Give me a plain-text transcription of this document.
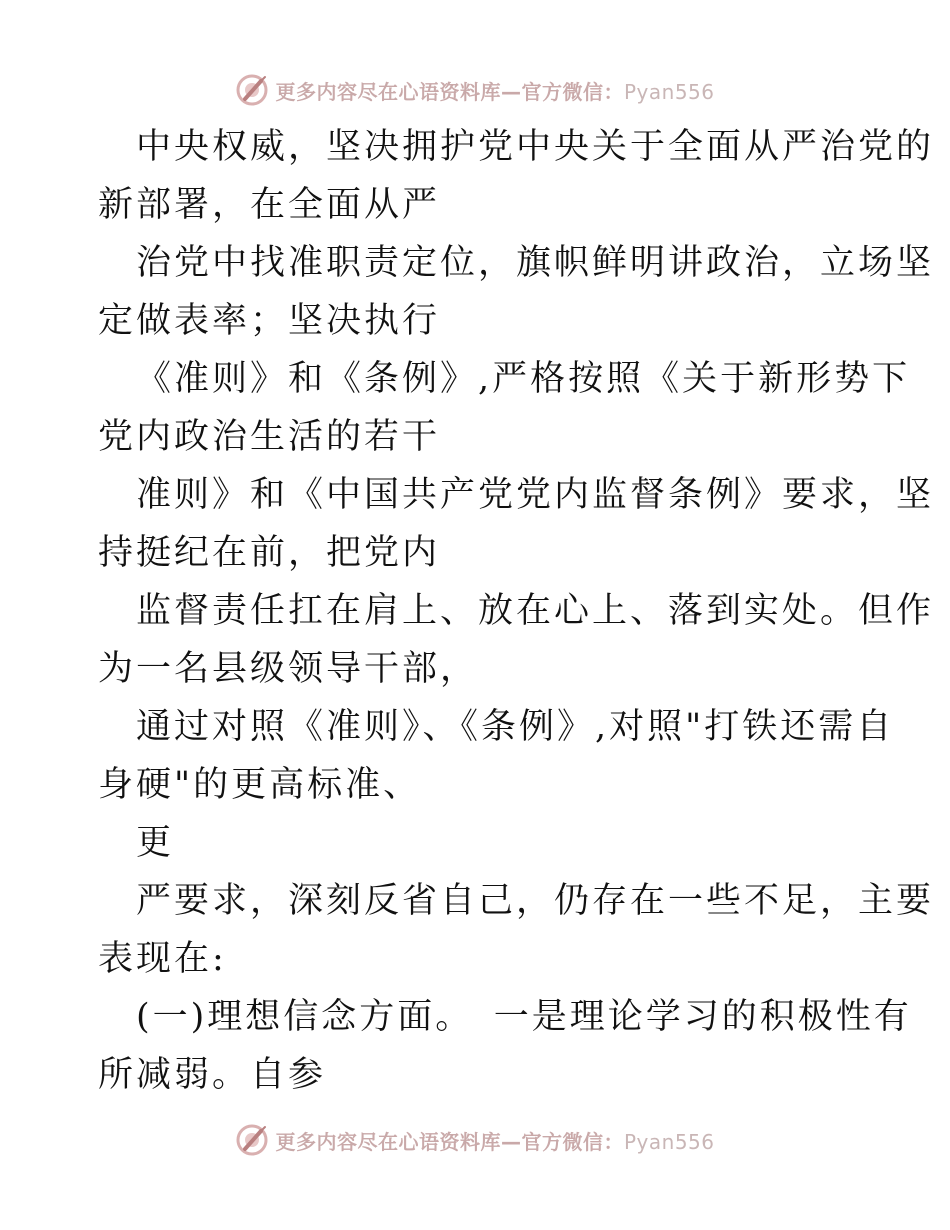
更多内容尽在心语资料库—官方微信：Pyan556
中央权威，坚决拥护党中央关于全面从严治党的
新部署，在全面从严
治党中找准职责定位，旗帜鲜明讲政治，立场坚
定做表率；坚决执行
《准则》和《条例》,严格按照《关于新形势下
党内政治生活的若干
准则》和《中国共产党党内监督条例》要求，坚
持挺纪在前，把党内
监督责任扛在肩上、放在心上、落到实处。但作
为一名县级领导干部，
通过对照《准则》、《条例》,对照"打铁还需自
身硬"的更高标准、
更
严要求，深刻反省自己，仍存在一些不足，主要
表现在:
(一)理想信念方面。　一是理论学习的积极性有
所减弱。自参
更多内容尽在心语资料库—官方微信：Pyan556
